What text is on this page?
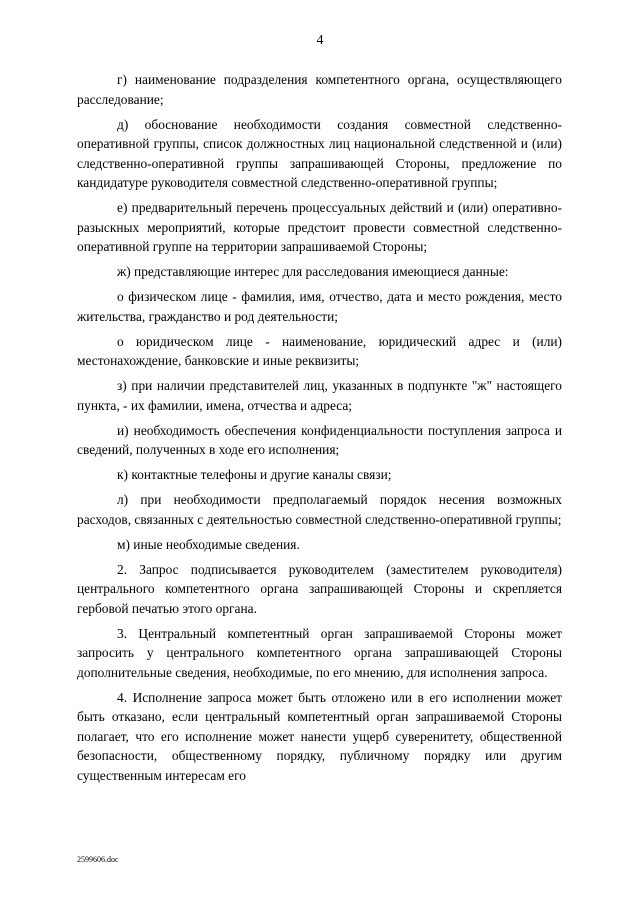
4

г) наименование подразделения компетентного органа, осуществляющего расследование;

д) обоснование необходимости создания совместной следственно-оперативной группы, список должностных лиц национальной следственной и (или) следственно-оперативной группы запрашивающей Стороны, предложение по кандидатуре руководителя совместной следственно-оперативной группы;

е) предварительный перечень процессуальных действий и (или) оперативно-разыскных мероприятий, которые предстоит провести совместной следственно-оперативной группе на территории запрашиваемой Стороны;

ж) представляющие интерес для расследования имеющиеся данные:

о физическом лице - фамилия, имя, отчество, дата и место рождения, место жительства, гражданство и род деятельности;

о юридическом лице - наименование, юридический адрес и (или) местонахождение, банковские и иные реквизиты;

з) при наличии представителей лиц, указанных в подпункте "ж" настоящего пункта, - их фамилии, имена, отчества и адреса;

и) необходимость обеспечения конфиденциальности поступления запроса и сведений, полученных в ходе его исполнения;

к) контактные телефоны и другие каналы связи;

л) при необходимости предполагаемый порядок несения возможных расходов, связанных с деятельностью совместной следственно-оперативной группы;

м) иные необходимые сведения.

2. Запрос подписывается руководителем (заместителем руководителя) центрального компетентного органа запрашивающей Стороны и скрепляется гербовой печатью этого органа.

3. Центральный компетентный орган запрашиваемой Стороны может запросить у центрального компетентного органа запрашивающей Стороны дополнительные сведения, необходимые, по его мнению, для исполнения запроса.

4. Исполнение запроса может быть отложено или в его исполнении может быть отказано, если центральный компетентный орган запрашиваемой Стороны полагает, что его исполнение может нанести ущерб суверенитету, общественной безопасности, общественному порядку, публичному порядку или другим существенным интересам его

2599606.doc
